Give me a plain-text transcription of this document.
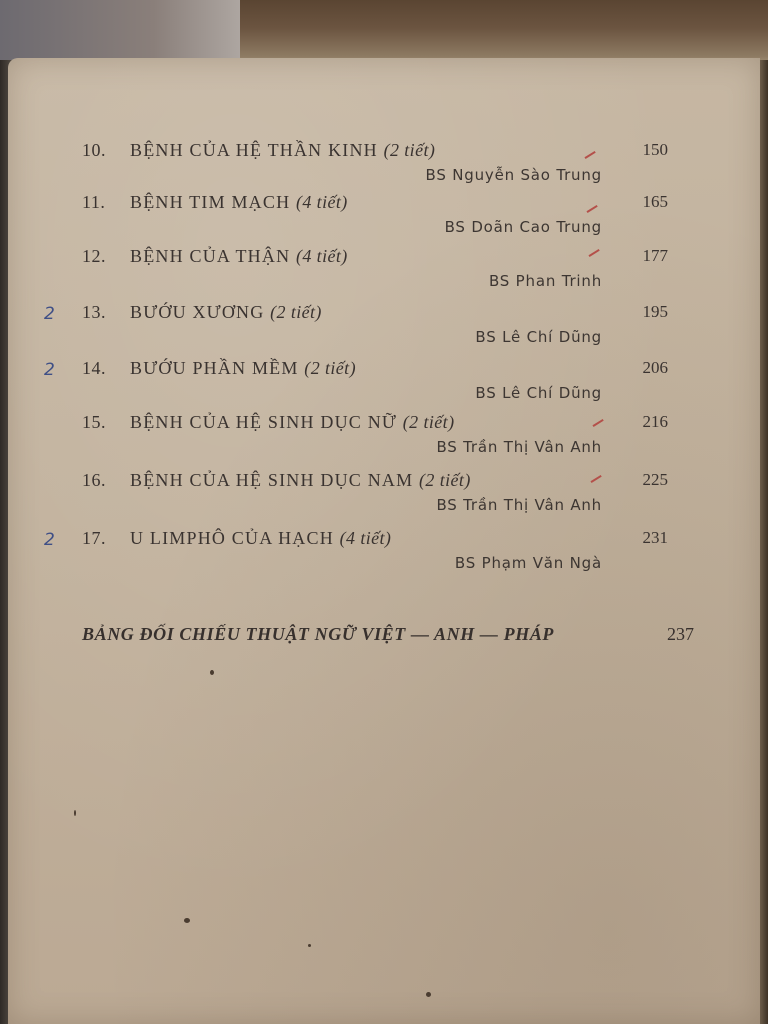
10.	BỆNH CỦA HỆ THẦN KINH (2 tiết)	150
BS Nguyễn Sào Trung
11.	BỆNH TIM MẠCH (4 tiết)	165
BS Doãn Cao Trung
12.	BỆNH CỦA THẬN (4 tiết)	177
BS Phan Trinh
2 13.	BƯỚU XƯƠNG (2 tiết)	195
BS Lê Chí Dũng
2 14.	BƯỚU PHẦN MỀM (2 tiết)	206
BS Lê Chí Dũng
15.	BỆNH CỦA HỆ SINH DỤC NỮ (2 tiết)	216
BS Trần Thị Vân Anh
16.	BỆNH CỦA HỆ SINH DỤC NAM (2 tiết)	225
BS Trần Thị Vân Anh
2 17.	U LIMPHÔ CỦA HẠCH (4 tiết)	231
BS Phạm Văn Ngà
BẢNG ĐỐI CHIẾU THUẬT NGỮ VIỆT — ANH — PHÁP	237
